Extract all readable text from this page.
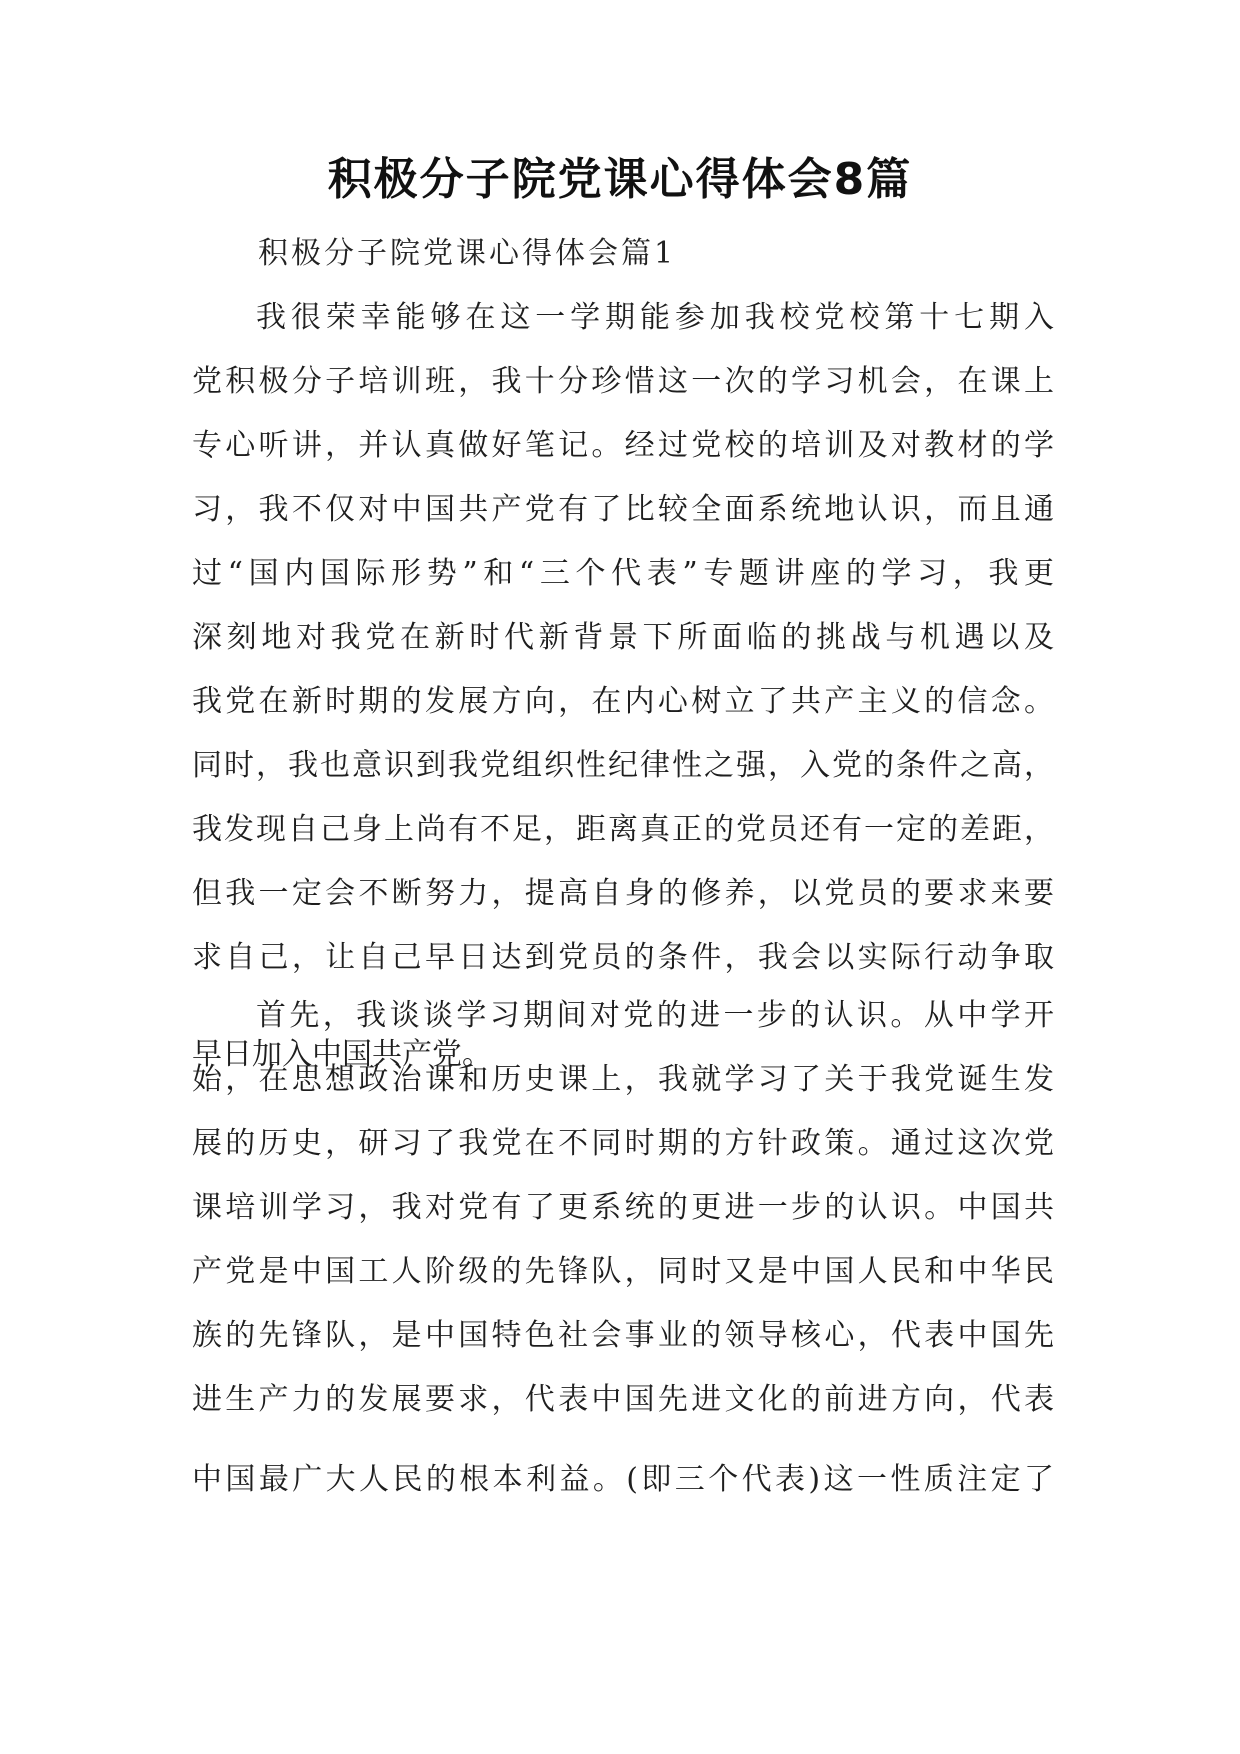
积极分子院党课心得体会8篇

积极分子院党课心得体会篇1

我很荣幸能够在这一学期能参加我校党校第十七期入
党积极分子培训班，我十分珍惜这一次的学习机会，在课上
专心听讲，并认真做好笔记。经过党校的培训及对教材的学
习，我不仅对中国共产党有了比较全面系统地认识，而且通
过“国内国际形势”和“三个代表”专题讲座的学习，我更
深刻地对我党在新时代新背景下所面临的挑战与机遇以及
我党在新时期的发展方向，在内心树立了共产主义的信念。
同时，我也意识到我党组织性纪律性之强，入党的条件之高，
我发现自己身上尚有不足，距离真正的党员还有一定的差距，
但我一定会不断努力，提高自身的修养，以党员的要求来要
求自己，让自己早日达到党员的条件，我会以实际行动争取
早日加入中国共产党。
首先，我谈谈学习期间对党的进一步的认识。从中学开
始，在思想政治课和历史课上，我就学习了关于我党诞生发
展的历史，研习了我党在不同时期的方针政策。通过这次党
课培训学习，我对党有了更系统的更进一步的认识。中国共
产党是中国工人阶级的先锋队，同时又是中国人民和中华民
族的先锋队，是中国特色社会事业的领导核心，代表中国先
进生产力的发展要求，代表中国先进文化的前进方向，代表
中国最广大人民的根本利益。(即三个代表)这一性质注定了
